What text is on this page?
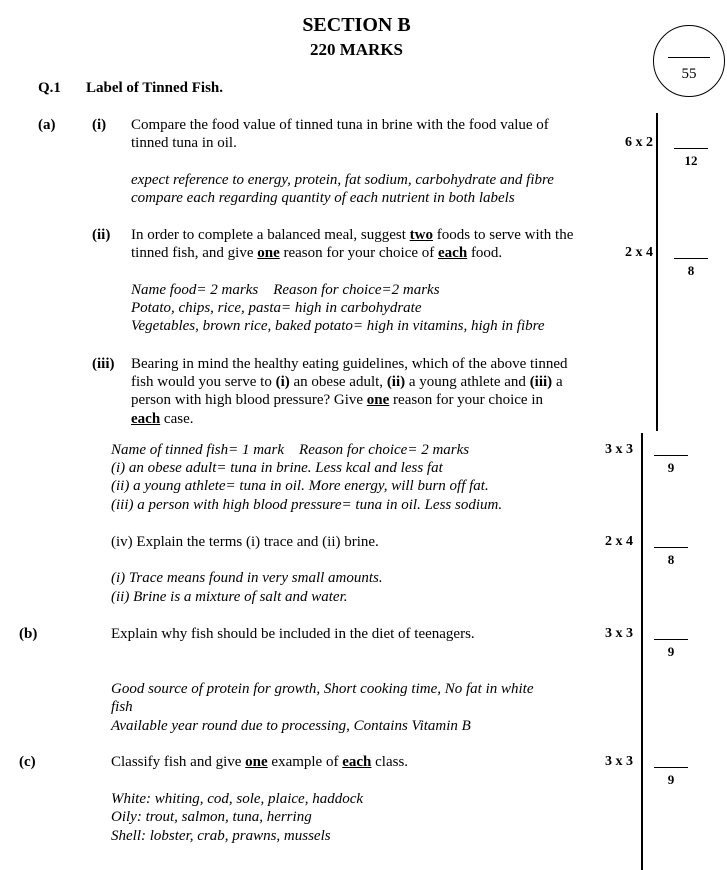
SECTION B
220 MARKS
55
Q.1 Label of Tinned Fish.
(a) (i) Compare the food value of tinned tuna in brine with the food value of
tinned tuna in oil.	6 x 2
12
expect reference to energy, protein, fat sodium, carbohydrate and fibre
compare each regarding quantity of each nutrient in both labels
(ii) In order to complete a balanced meal, suggest two foods to serve with the
tinned fish, and give one reason for your choice of each food.	2 x 4
8
Name food= 2 marks    Reason for choice=2 marks
Potato, chips, rice, pasta= high in carbohydrate
Vegetables, brown rice, baked potato= high in vitamins, high in fibre
(iii) Bearing in mind the healthy eating guidelines, which of the above tinned
fish would you serve to (i) an obese adult, (ii) a young athlete and (iii) a
person with high blood pressure? Give one reason for your choice in
each case.
Name of tinned fish= 1 mark    Reason for choice= 2 marks	3 x 3
9
(i) an obese adult= tuna in brine. Less kcal and less fat
(ii) a young athlete= tuna in oil. More energy, will burn off fat.
(iii) a person with high blood pressure= tuna in oil. Less sodium.
(iv) Explain the terms (i) trace and (ii) brine.	2 x 4
8
(i) Trace means found in very small amounts.
(ii) Brine is a mixture of salt and water.
(b)	Explain why fish should be included in the diet of teenagers.	3 x 3
9
Good source of protein for growth, Short cooking time, No fat in white
fish
Available year round due to processing, Contains Vitamin B
(c)	Classify fish and give one example of each class.	3 x 3
9
White: whiting, cod, sole, plaice, haddock
Oily: trout, salmon, tuna, herring
Shell: lobster, crab, prawns, mussels
